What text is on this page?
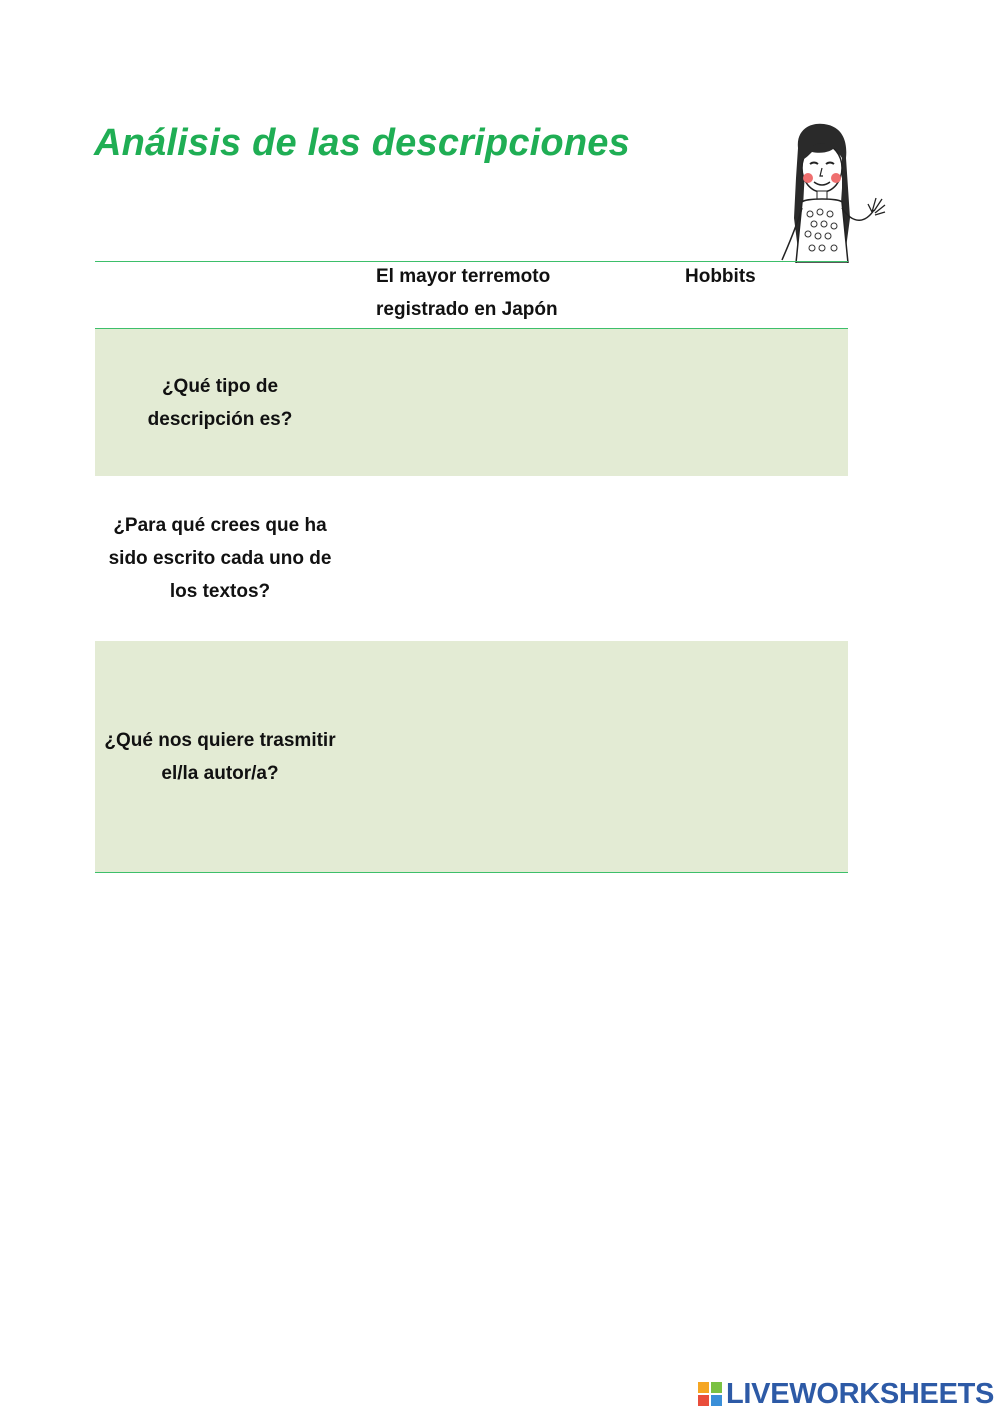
Análisis de las descripciones
El mayor terremoto registrado en Japón
Hobbits
¿Qué tipo de descripción es?
¿Para qué crees que ha sido escrito cada uno de los textos?
¿Qué nos quiere trasmitir el/la autor/a?
LIVEWORKSHEETS
